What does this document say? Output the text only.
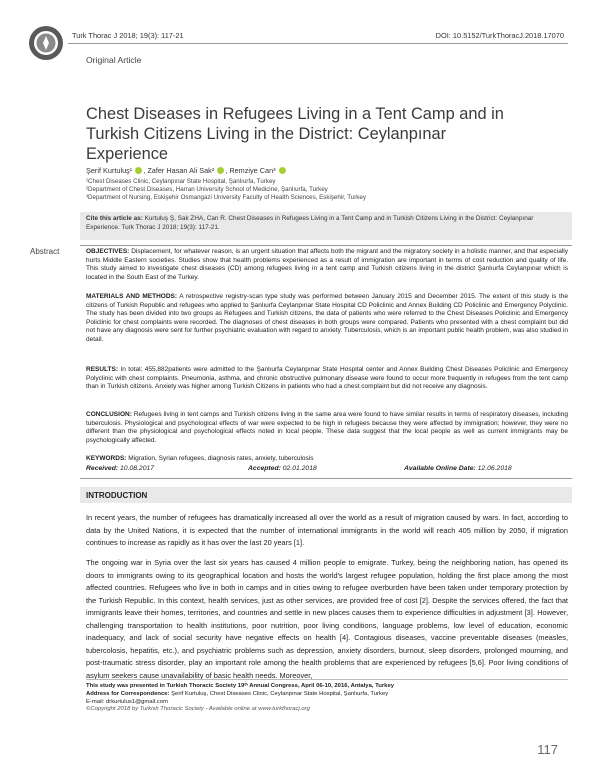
Turk Thorac J 2018; 19(3): 117-21	DOI: 10.5152/TurkThoracJ.2018.17070
Original Article
Chest Diseases in Refugees Living in a Tent Camp and in Turkish Citizens Living in the District: Ceylanpınar Experience
Şerif Kurtuluş¹ , Zafer Hasan Ali Sak² , Remziye Can³
¹Chest Diseases Clinic, Ceylanpınar State Hospital, Şanlıurfa, Turkey
²Department of Chest Diseases, Harran University School of Medicine, Şanlıurfa, Turkey
³Department of Nursing, Eskişehir Osmangazi University Faculty of Health Sciences, Eskişehir, Turkey
Cite this article as: Kurtuluş Ş, Sak ZHA, Can R. Chest Diseases in Refugees Living in a Tent Camp and in Turkish Citizens Living in the District: Ceylanpınar Experience. Turk Thorac J 2018; 19(3): 117-21.
Abstract	OBJECTIVES: Displacement, for whatever reason, is an urgent situation that affects both the migrant and the migratory society in a holistic manner, and that especially hurts Middle Eastern societies. Studies show that health problems experienced as a result of immigration are important in terms of cost reduction and quality of life. This study aimed to investigate chest diseases (CD) among refugees living in a tent camp and Turkish citizens living in the district Şanlıurfa Ceylanpınar which is located in the South East of the Turkey.
MATERIALS AND METHODS: A retrospective registry-scan type study was performed between January 2015 and December 2015. The extent of this study is the citizens of Turkish Republic and refugees who applied to Şanlıurfa Ceylanpınar State Hospital CD Policlinic and Annex Building CD Policlinic and Emergency Polyclinic. The study has been divided into two groups as Refugees and Turkish citizens, the data of patients who were referred to the Chest Diseases Policlinic and Emergency Policlinic for chest complaints were recorded. The diagnoses of chest diseases in both groups were compared. Patients who presented with a chest complaint but did not have any diagnosis were sent for further psychiatric evaluation with regard to anxiety. Tuberculosis, which is an important public health problem, was also studied in detail.
RESULTS: In total; 455,882patients were admitted to the Şanlıurfa Ceylanpınar State Hospital center and Annex Building Chest Diseases Policlinic and Emergency Polyclinic with chest complaints. Pneumonia, asthma, and chronic obstructive pulmonary disease were found to occur more frequently in refugees from the tent camp than in Turkish citizens. Anxiety was higher among Turkish Citizens in patients who had a chest complaint but did not receive any diagnosis.
CONCLUSION: Refugees living in tent camps and Turkish citizens living in the same area were found to have similar results in terms of respiratory diseases, including tuberculosis. Physiological and psychological effects of war were expected to be high in refugees because they were affected by immigration; however, they were no different than the physiological and psychological effects noted in local people. These data suggest that the local people as well as current immigrants may be psychologically affected.
KEYWORDS: Migration, Syrian refugees, diagnosis rates, anxiety, tuberculosis
Received: 10.08.2017	Accepted: 02.01.2018	Available Online Date: 12.06.2018
INTRODUCTION
In recent years, the number of refugees has dramatically increased all over the world as a result of migration caused by wars. In fact, according to data by the United Nations, it is expected that the number of international immigrants in the world will reach 405 million by 2050, if migration continues to increase as rapidly as it has over the last 20 years [1].
The ongoing war in Syria over the last six years has caused 4 million people to emigrate. Turkey, being the neighboring nation, has opened its doors to immigrants owing to its geographical location and hosts the world's largest refugee population, holding the first place among the most affected countries. Refugees who live in both in camps and in cities owing to refugee overburden have been taken under temporary protection by the Turkish Republic. In this context, health services, just as other services, are provided free of cost [2]. Despite the services offered, the fact that immigrants leave their homes, territories, and countries and settle in new places causes them to experience difficulties in adjustment [3]. However, challenging transportation to health institutions, poor nutrition, poor living conditions, language problems, low level of education, economic inadequacy, and lack of social security have negative effects on health [4]. Contagious diseases, vaccine preventable diseases (measles, tubercolosis, hepatitis, etc.), and psychiatric problems such as depression, anxiety disorders, burnout, sleep disorders, prolonged mourning, and post-traumatic stress disorder, play an important role among the health problems that are experienced by refugees [5,6]. Poor living conditions of asylum seekers cause unavailability of basic health needs. Moreover,
This study was presented in Turkish Thoracic Society 19ᵗʰ Annual Congress, April 06-10, 2016, Antalya, Turkey
Address for Correspondence: Şerif Kurtuluş, Chest Diseases Clinic, Ceylanpınar State Hospital, Şanlıurfa, Turkey
E-mail: drkurtulus1@gmail.com
©Copyright 2018 by Turkish Thoracic Society - Available online at www.turkthoracj.org
117
